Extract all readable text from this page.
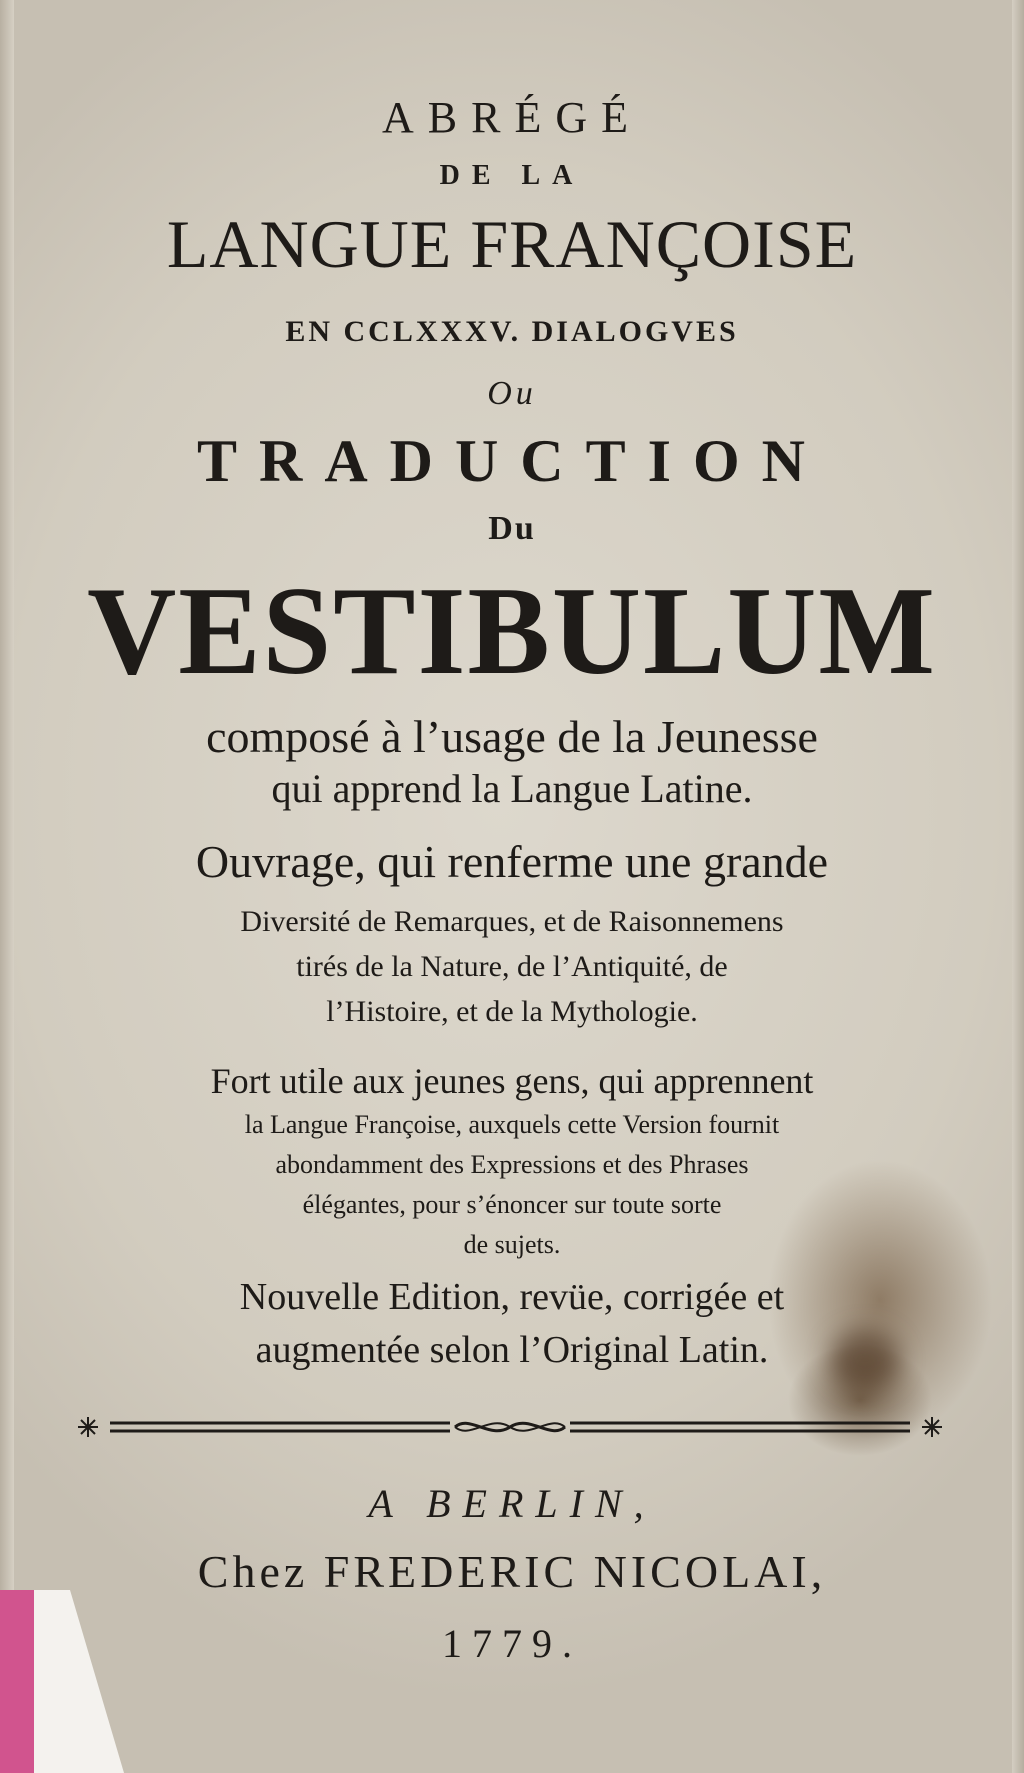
ABRÉGÉ
DE LA
LANGUE FRANÇOISE
EN CCLXXXV. DIALOGVES
Ou
TRADUCTION
Du
VESTIBULUM
composé à l’usage de la Jeunesse
qui apprend la Langue Latine.
Ouvrage, qui renferme une grande
Diversité de Remarques, et de Raisonnemens
tirés de la Nature, de l’Antiquité, de
l’Histoire, et de la Mythologie.
Fort utile aux jeunes gens, qui apprennent
la Langue Françoise, auxquels cette Version fournit
abondamment des Expressions et des Phrases
élégantes, pour s’énoncer sur toute sorte
de sujets.
Nouvelle Edition, revüe, corrigée et
augmentée selon l’Original Latin.
A BERLIN,
Chez FREDERIC NICOLAI,
1779.
